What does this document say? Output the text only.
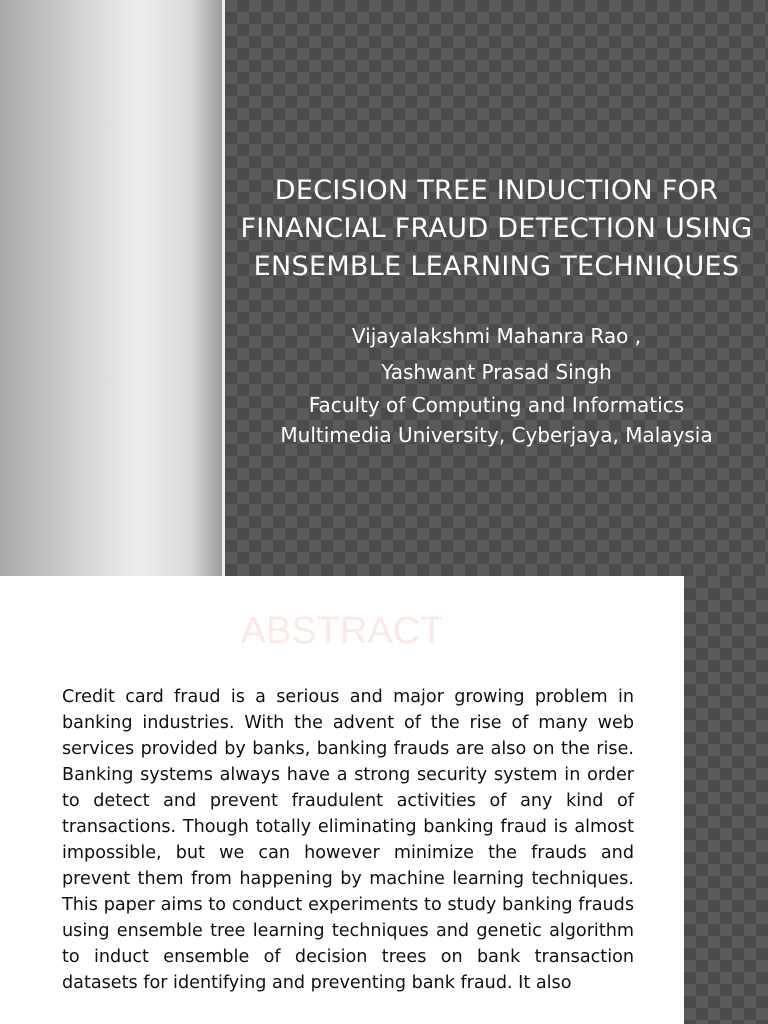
DECISION TREE INDUCTION FOR FINANCIAL FRAUD DETECTION USING ENSEMBLE LEARNING TECHNIQUES
Vijayalakshmi Mahanra Rao ,
Yashwant Prasad Singh
Faculty of Computing and Informatics
Multimedia University, Cyberjaya, Malaysia
ABSTRACT

Credit card fraud is a serious and major growing problem in banking industries. With the advent of the rise of many web services provided by banks, banking frauds are also on the rise. Banking systems always have a strong security system in order to detect and prevent fraudulent activities of any kind of transactions. Though totally eliminating banking fraud is almost impossible, but we can however minimize the frauds and prevent them from happening by machine learning techniques. This paper aims to conduct experiments to study banking frauds using ensemble tree learning techniques and genetic algorithm to induct ensemble of decision trees on bank transaction datasets for identifying and preventing bank fraud. It also
